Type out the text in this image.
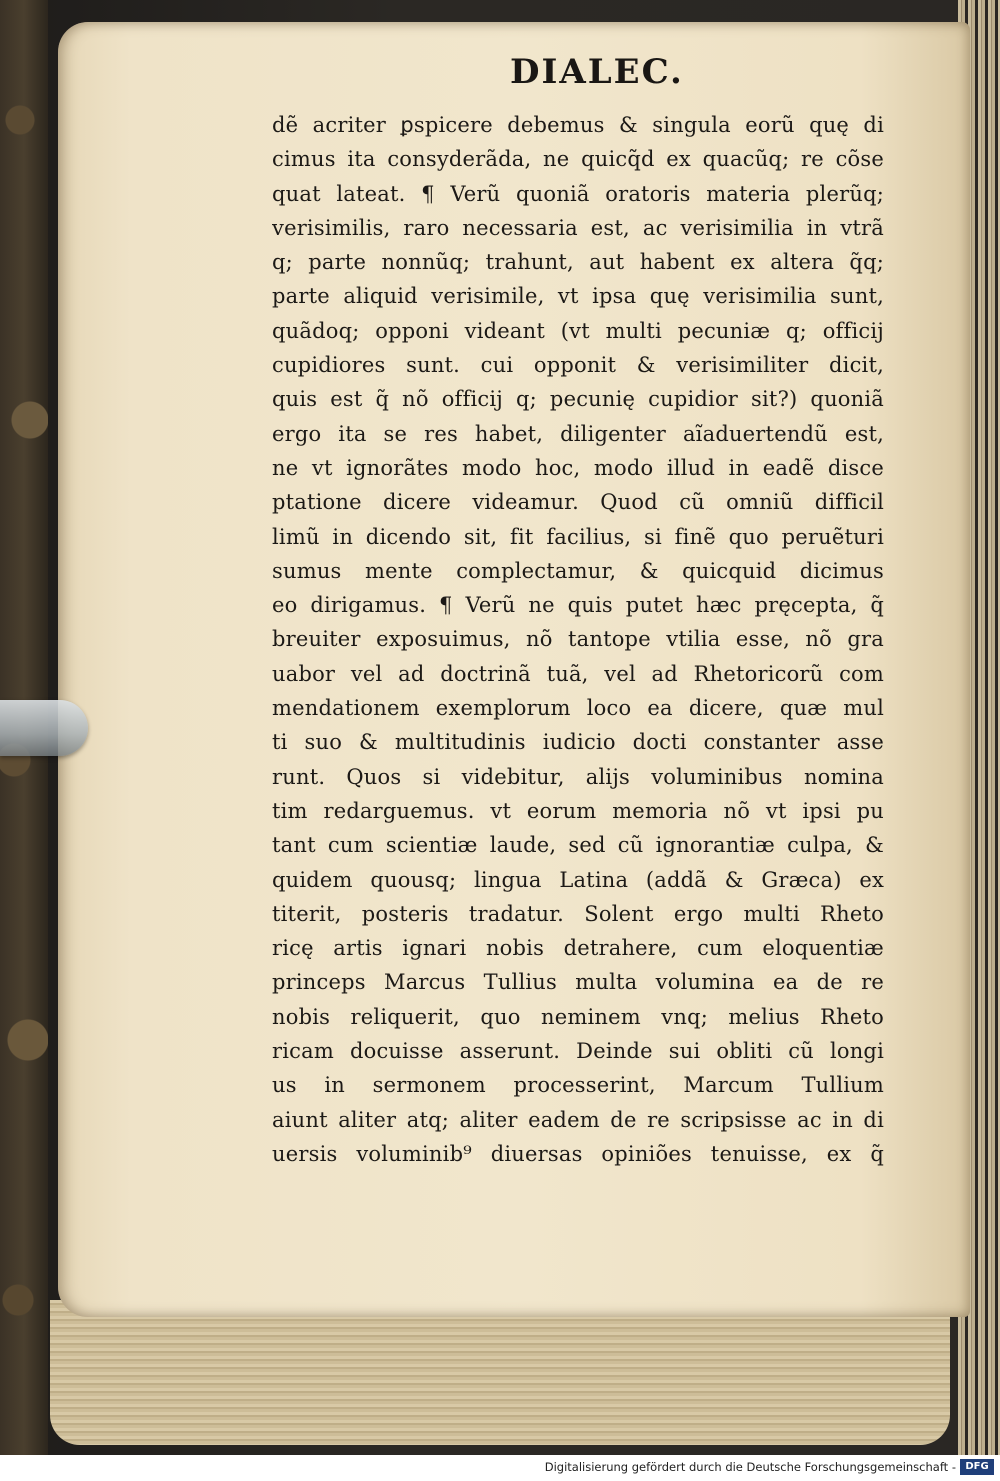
DIALEC.
dẽ acriter ꝑspicere debemus & singula eorũ quę di
cimus ita consyderãda, ne quicq̃d ex quacũq; re cõse
quat lateat. ¶ Verũ quoniã oratoris materia plerũq;
verisimilis, raro necessaria est, ac verisimilia in vtrã
q; parte nonnũq; trahunt, aut habent ex altera q̃q;
parte aliquid verisimile, vt ipsa quę verisimilia sunt,
quãdoq; opponi videant (vt multi pecuniæ q; officij
cupidiores sunt. cui opponit & verisimiliter dicit,
quis est q̃ nõ officij q; pecunię cupidior sit?) quoniã
ergo ita se res habet, diligenter aĩaduertendũ est,
ne vt ignorãtes modo hoc, modo illud in eadẽ disce
ptatione dicere videamur. Quod cũ omniũ difficil
limũ in dicendo sit, fit facilius, si finẽ quo peruẽturi
sumus mente complectamur, & quicquid dicimus
eo dirigamus. ¶ Verũ ne quis putet hæc pręcepta, q̃
breuiter exposuimus, nõ tantope vtilia esse, nõ gra
uabor vel ad doctrinã tuã, vel ad Rhetoricorũ com
mendationem exemplorum loco ea dicere, quæ mul
ti suo & multitudinis iudicio docti constanter asse
runt. Quos si videbitur, alijs voluminibus nomina
tim redarguemus. vt eorum memoria nõ vt ipsi pu
tant cum scientiæ laude, sed cũ ignorantiæ culpa, &
quidem quousq; lingua Latina (addã & Græca) ex
titerit, posteris tradatur. Solent ergo multi Rheto
ricę artis ignari nobis detrahere, cum eloquentiæ
princeps Marcus Tullius multa volumina ea de re
nobis reliquerit, quo neminem vnq; melius Rheto
ricam docuisse asserunt. Deinde sui obliti cũ longi
us in sermonem processerint, Marcum Tullium
aiunt aliter atq; aliter eadem de re scripsisse ac in di
uersis voluminib⁹ diuersas opiniões tenuisse, ex q̃
Digitalisierung gefördert durch die Deutsche Forschungsgemeinschaft - DFG
